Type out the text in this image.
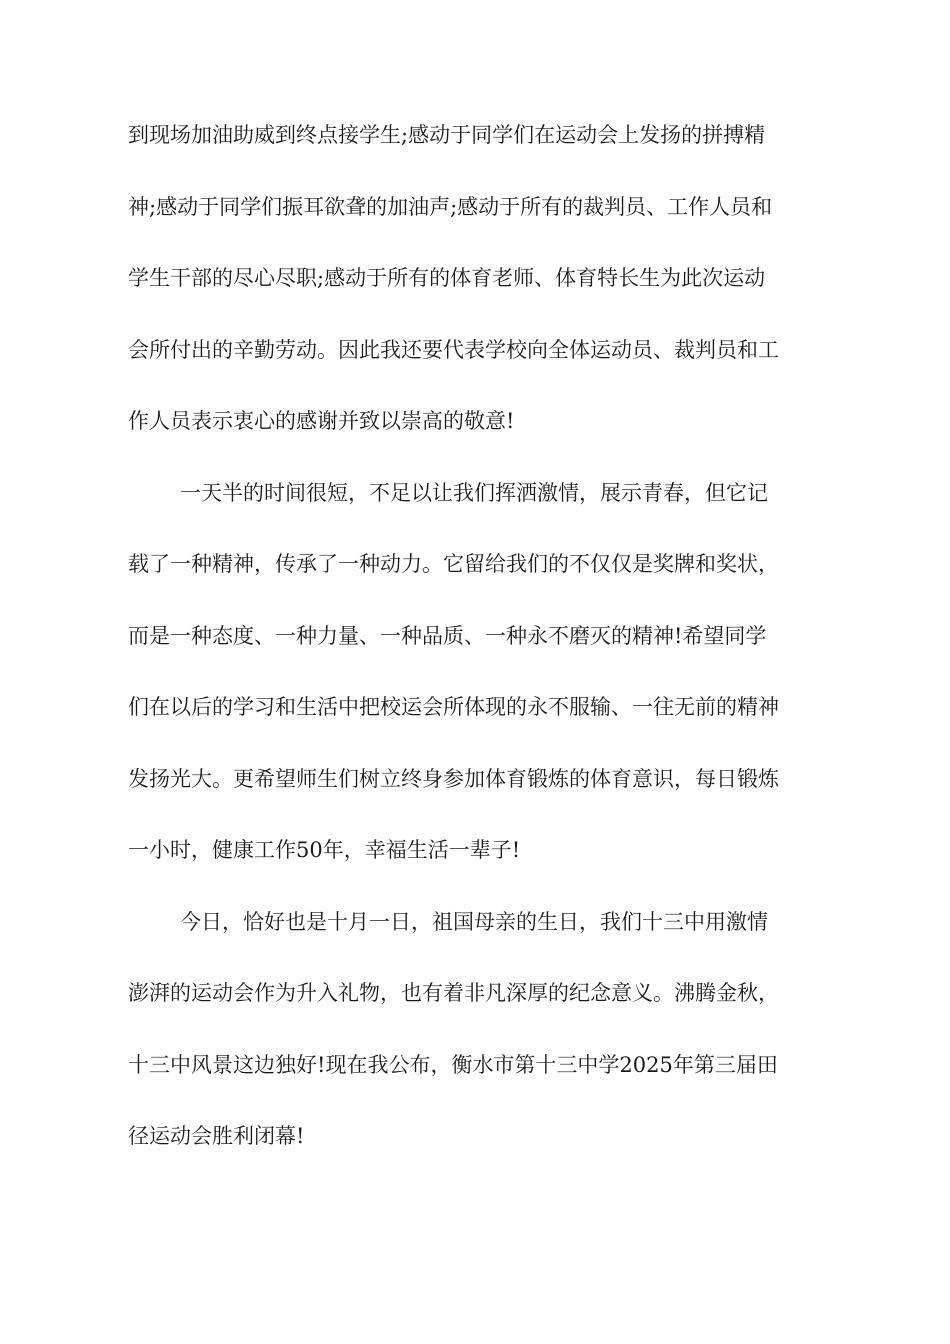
到现场加油助威到终点接学生;感动于同学们在运动会上发扬的拼搏精
神;感动于同学们振耳欲聋的加油声;感动于所有的裁判员、工作人员和
学生干部的尽心尽职;感动于所有的体育老师、体育特长生为此次运动
会所付出的辛勤劳动。因此我还要代表学校向全体运动员、裁判员和工
作人员表示衷心的感谢并致以崇高的敬意!
一天半的时间很短，不足以让我们挥洒激情，展示青春，但它记
载了一种精神，传承了一种动力。它留给我们的不仅仅是奖牌和奖状，
而是一种态度、一种力量、一种品质、一种永不磨灭的精神!希望同学
们在以后的学习和生活中把校运会所体现的永不服输、一往无前的精神
发扬光大。更希望师生们树立终身参加体育锻炼的体育意识，每日锻炼
一小时，健康工作50年，幸福生活一辈子!
今日，恰好也是十月一日，祖国母亲的生日，我们十三中用激情
澎湃的运动会作为升入礼物，也有着非凡深厚的纪念意义。沸腾金秋，
十三中风景这边独好!现在我公布，衡水市第十三中学2025年第三届田
径运动会胜利闭幕!
